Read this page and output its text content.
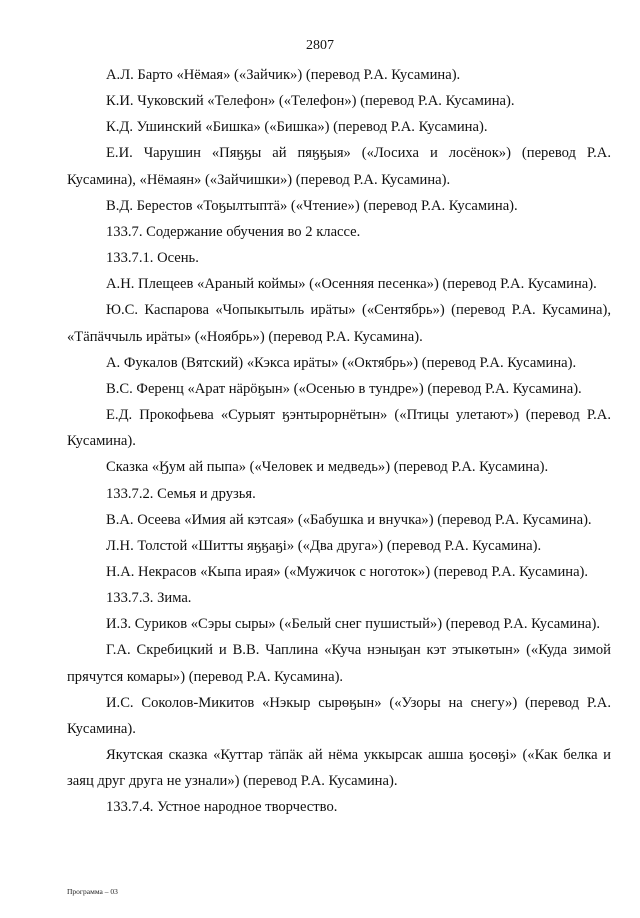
2807

А.Л. Барто «Нёмая» («Зайчик») (перевод Р.А. Кусамина).

К.И. Чуковский «Телефон» («Телефон») (перевод Р.А. Кусамина).

К.Д. Ушинский «Бишка» («Бишка») (перевод Р.А. Кусамина).

Е.И. Чарушин «Пяӄӄы ай пяӄӄыя» («Лосиха и лосёнок») (перевод Р.А. Кусамина), «Нёмаян» («Зайчишки») (перевод Р.А. Кусамина).

В.Д. Берестов «Тоӄылтыптä» («Чтение») (перевод Р.А. Кусамина).

133.7. Содержание обучения во 2 классе.

133.7.1. Осень.

А.Н. Плещеев «Араный коймы» («Осенняя песенка») (перевод Р.А. Кусамина).

Ю.С. Каспарова «Чопыкытыль ирäты» («Сентябрь») (перевод Р.А. Кусамина), «Тäпäччыль ирäты» («Ноябрь») (перевод Р.А. Кусамина).

А. Фукалов (Вятский) «Кэкса ирäты» («Октябрь») (перевод Р.А. Кусамина).

В.С. Ференц «Арат нäрӧӄын» («Осенью в тундре») (перевод Р.А. Кусамина).

Е.Д. Прокофьева «Сурыят ӄэнтырорнётын» («Птицы улетают») (перевод Р.А. Кусамина).

Сказка «Ӄум ай пыпа» («Человек и медведь») (перевод Р.А. Кусамина).

133.7.2. Семья и друзья.

В.А. Осеева «Имия ай кэтсая» («Бабушка и внучка») (перевод Р.А. Кусамина).

Л.Н. Толстой «Шитты яӄӄаӄі» («Два друга») (перевод Р.А. Кусамина).

Н.А. Некрасов «Кыпа ирая» («Мужичок с ноготок») (перевод Р.А. Кусамина).

133.7.3. Зима.

И.З. Суриков «Сэры сыры» («Белый снег пушистый») (перевод Р.А. Кусамина).

Г.А. Скребицкий и В.В. Чаплина «Куча нэныӄан кэт этыкөтын» («Куда зимой прячутся комары») (перевод Р.А. Кусамина).

И.С. Соколов-Микитов «Нэкыр сырөӄын» («Узоры на снегу») (перевод Р.А. Кусамина).

Якутская сказка «Куттар тäпäк ай нёма уккырсак ашша ӄосөӄі» («Как белка и заяц друг друга не узнали») (перевод Р.А. Кусамина).

133.7.4. Устное народное творчество.

Программа – 03
